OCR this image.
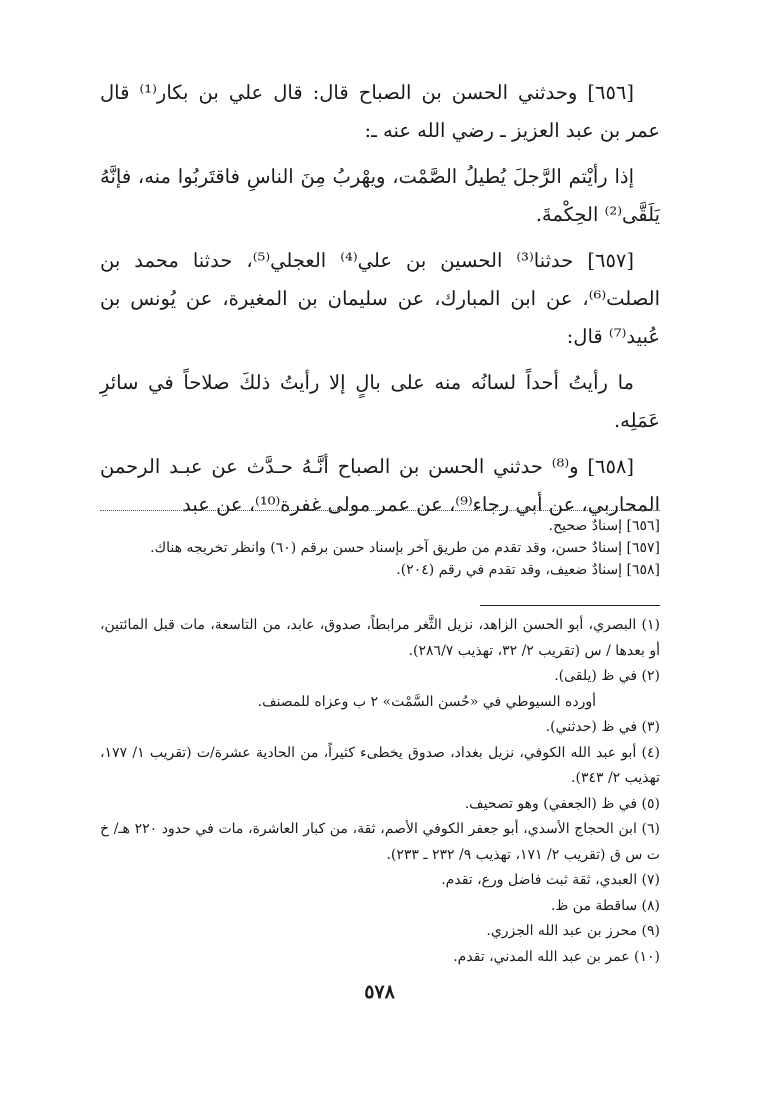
[٦٥٦] وحدثني الحسن بن الصباح قال: قال علي بن بكار⁽¹⁾ قال عمر بن عبد العزيز ـ رضي الله عنه ـ:

إذا رأيْتم الرَّجلَ يُطيلُ الصَّمْت، ويهْربُ مِنَ الناسِ فاقتَربُوا منه، فإنَّهُ يَلَقَّى⁽²⁾ الحِكْمةَ.

[٦٥٧] حدثنا⁽³⁾ الحسين بن علي⁽⁴⁾ العجلي⁽⁵⁾، حدثنا محمد بن الصلت⁽⁶⁾، عن ابن المبارك، عن سليمان بن المغيرة، عن يُونس بن عُبيد⁽⁷⁾ قال:

ما رأيتُ أحداً لسانُه منه على بالٍ إلا رأيتُ ذلكَ صلاحاً في سائرِ عَمَلِه.

[٦٥٨] و⁽⁸⁾ حدثني الحسن بن الصباح أنَّـهُ حـدَّث عن عبـد الرحمن المحاربي، عن أبي رجاء⁽⁹⁾، عن عمر مولى غفرة⁽¹⁰⁾، عن عبد

[٦٥٦] إسنادٌ صحيح.
[٦٥٧] إسنادٌ حسن، وقد تقدم من طريق آخر بإسناد حسن برقم (٦٠) وانظر تخريجه هناك.
[٦٥٨] إسنادٌ ضعيف، وقد تقدم في رقم (٢٠٤).

(١) البصري، أبو الحسن الزاهد، نزيل الثَّغر مرابطاً، صدوق، عابد، من التاسعة، مات قبل المائتين، أو بعدها / س (تقريب ٢/ ٣٢، تهذيب ٢٨٦/٧).

(٢) في ظ (يلقى).

أورده السيوطي في «حُسن السَّمْت» ٢ ب وعزاه للمصنف.

(٣) في ظ (حدثني).

(٤) أبو عبد الله الكوفي، نزيل بغداد، صدوق يخطىء كثيراً، من الحادية عشرة/ت (تقريب ١/ ١٧٧، تهذيب ٢/ ٣٤٣).

(٥) في ظ (الجعفي) وهو تصحيف.

(٦) ابن الحجاج الأسدي، أبو جعفر الكوفي الأصم، ثقة، من كبار العاشرة، مات في حدود ٢٢٠ هـ/ خ ت س ق (تقريب ٢/ ١٧١، تهذيب ٩/ ٢٣٢ ـ ٢٣٣).

(٧) العبدي، ثقة ثبت فاضل ورع، تقدم.

(٨) ساقطة من ظ.

(٩) محرز بن عبد الله الجزري.

(١٠) عمر بن عبد الله المدني، تقدم.

٥٧٨
